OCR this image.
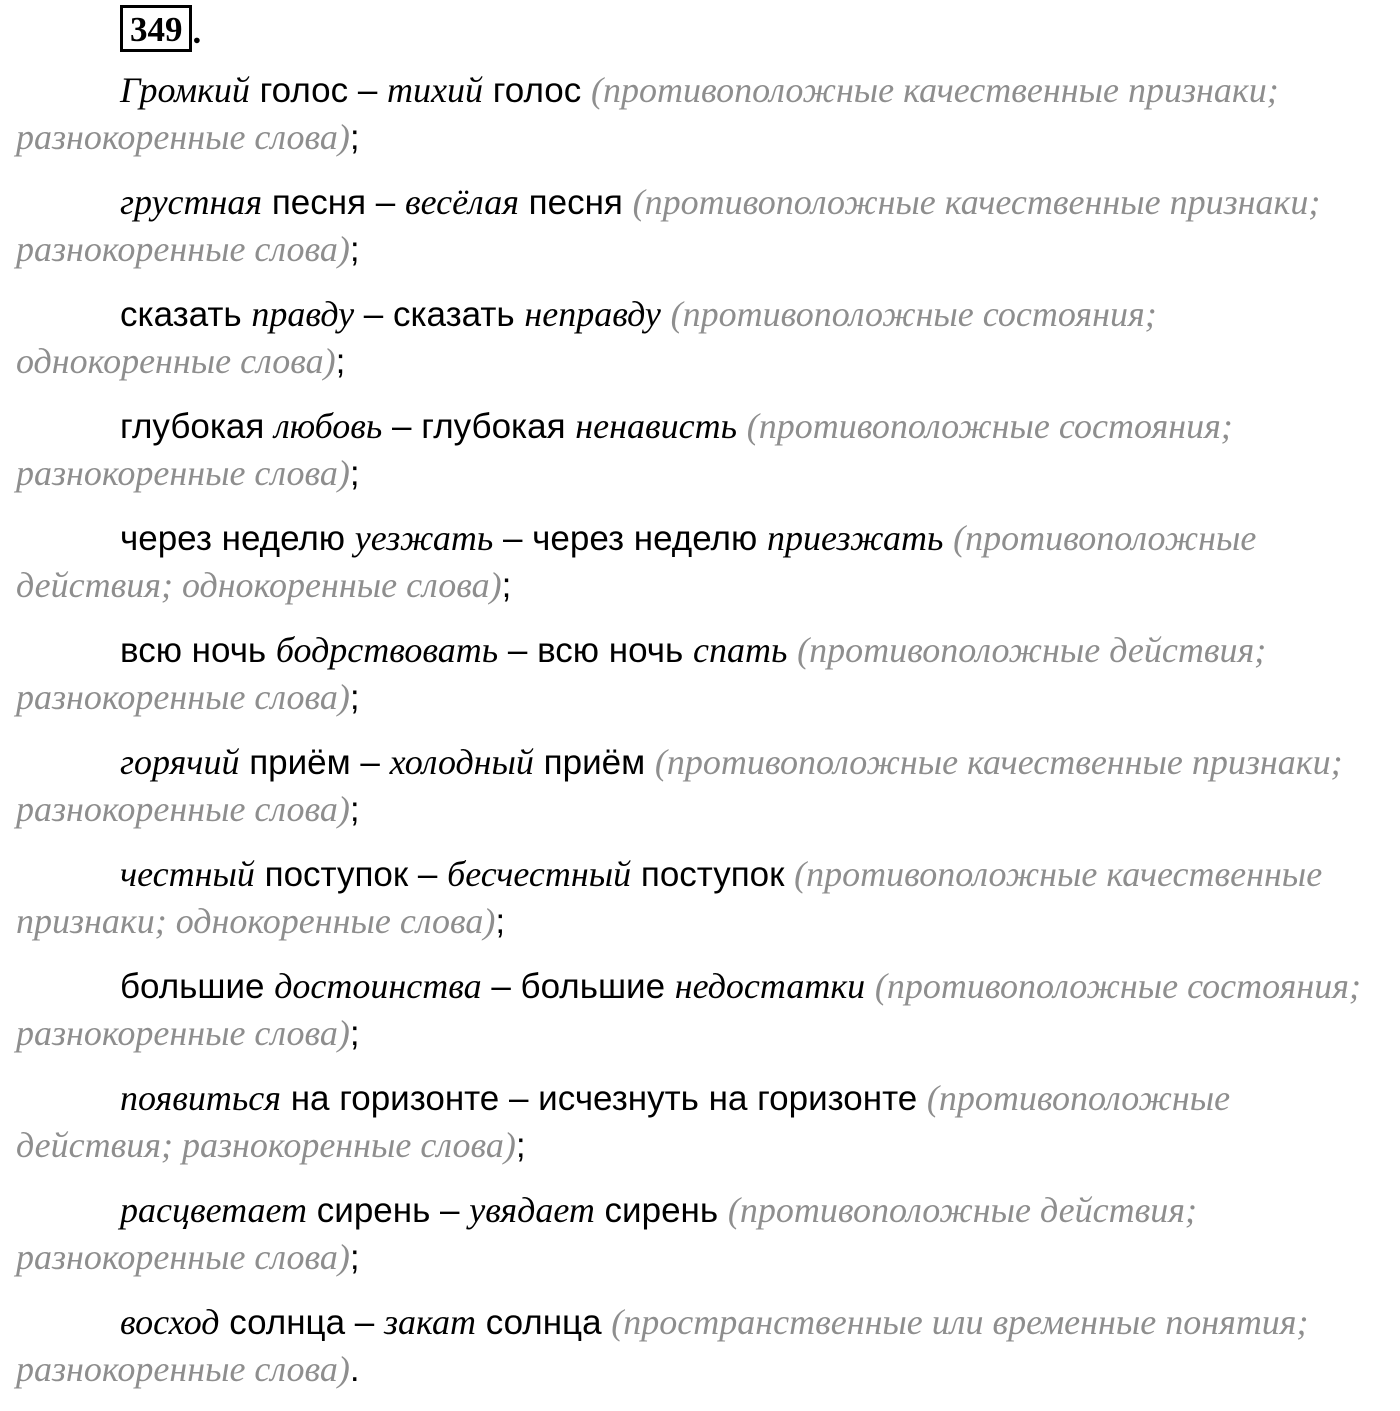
349 .

Громкий голос – тихий голос (противоположные качественные признаки; разнокоренные слова);

грустная песня – весёлая песня (противоположные качественные признаки; разнокоренные слова);

сказать правду – сказать неправду (противоположные состояния; однокоренные слова);

глубокая любовь – глубокая ненависть (противоположные состояния; разнокоренные слова);

через неделю уезжать – через неделю приезжать (противоположные действия; однокоренные слова);

всю ночь бодрствовать – всю ночь спать (противоположные действия; разнокоренные слова);

горячий приём – холодный приём (противоположные качественные признаки; разнокоренные слова);

честный поступок – бесчестный поступок (противоположные качественные признаки; однокоренные слова);

большие достоинства – большие недостатки (противоположные состояния; разнокоренные слова);

появиться на горизонте – исчезнуть на горизонте (противоположные действия; разнокоренные слова);

расцветает сирень – увядает сирень (противоположные действия; разнокоренные слова);

восход солнца – закат солнца (пространственные или временные понятия; разнокоренные слова).
